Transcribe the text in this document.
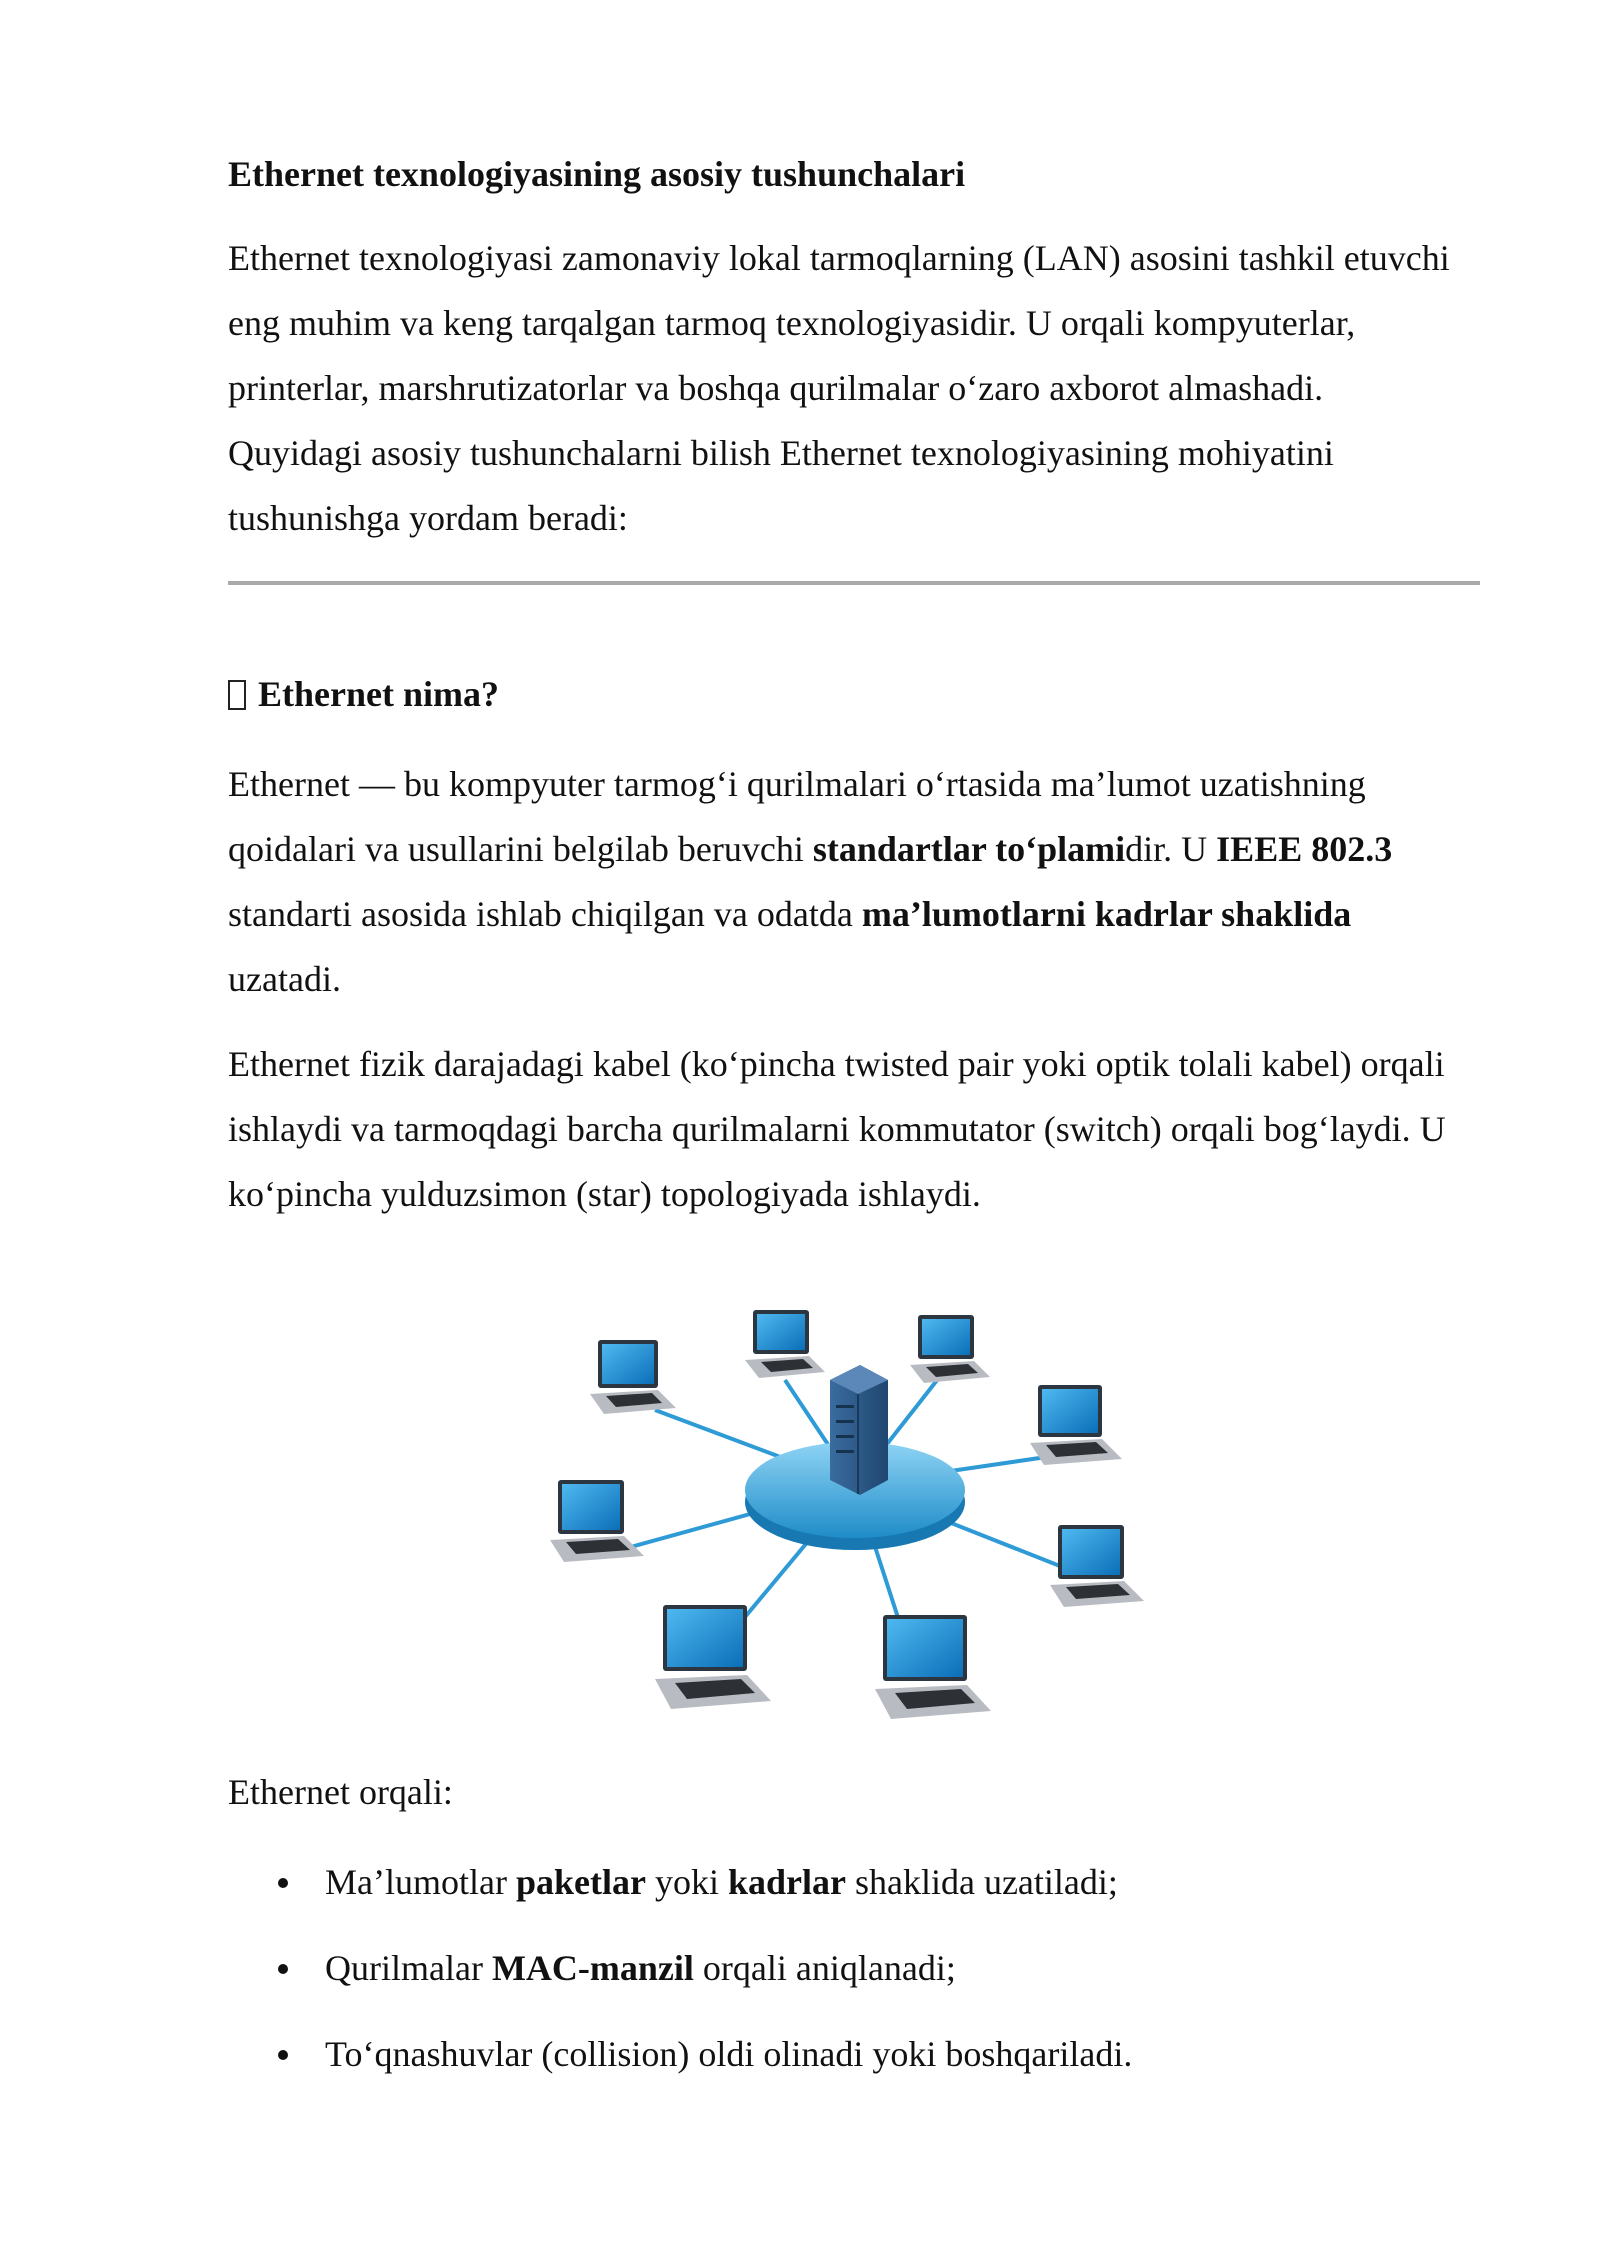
Ethernet texnologiyasining asosiy tushunchalari

Ethernet texnologiyasi zamonaviy lokal tarmoqlarning (LAN) asosini tashkil etuvchi eng muhim va keng tarqalgan tarmoq texnologiyasidir. U orqali kompyuterlar, printerlar, marshrutizatorlar va boshqa qurilmalar o‘zaro axborot almashadi. Quyidagi asosiy tushunchalarni bilish Ethernet texnologiyasining mohiyatini tushunishga yordam beradi:

Ethernet nima?

Ethernet — bu kompyuter tarmog‘i qurilmalari o‘rtasida ma’lumot uzatishning qoidalari va usullarini belgilab beruvchi standartlar to‘plamidir. U IEEE 802.3 standarti asosida ishlab chiqilgan va odatda ma’lumotlarni kadrlar shaklida uzatadi.

Ethernet fizik darajadagi kabel (ko‘pincha twisted pair yoki optik tolali kabel) orqali ishlaydi va tarmoqdagi barcha qurilmalarni kommutator (switch) orqali bog‘laydi. U ko‘pincha yulduzsimon (star) topologiyada ishlaydi.

Ethernet orqali:

Ma’lumotlar paketlar yoki kadrlar shaklida uzatiladi;
Qurilmalar MAC-manzil orqali aniqlanadi;
To‘qnashuvlar (collision) oldi olinadi yoki boshqariladi.
